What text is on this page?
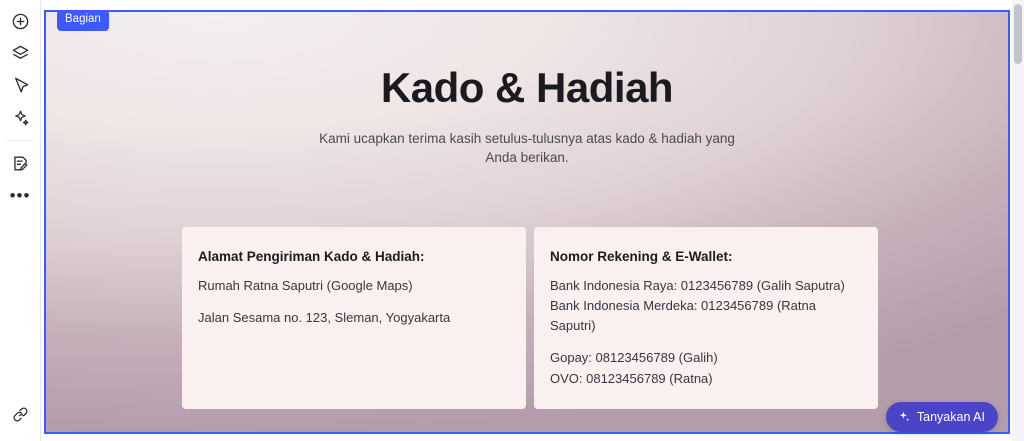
•••
Kado & Hadiah

Kami ucapkan terima kasih setulus-tulusnya atas kado & hadiah yang Anda berikan.

Alamat Pengiriman Kado & Hadiah:

Rumah Ratna Saputri (Google Maps)

Jalan Sesama no. 123, Sleman, Yogyakarta

Nomor Rekening & E-Wallet:

Bank Indonesia Raya: 0123456789 (Galih Saputra)

Bank Indonesia Merdeka: 0123456789 (Ratna Saputri)

Gopay: 08123456789 (Galih)

OVO: 08123456789 (Ratna)

Bagian
Tanyakan AI
